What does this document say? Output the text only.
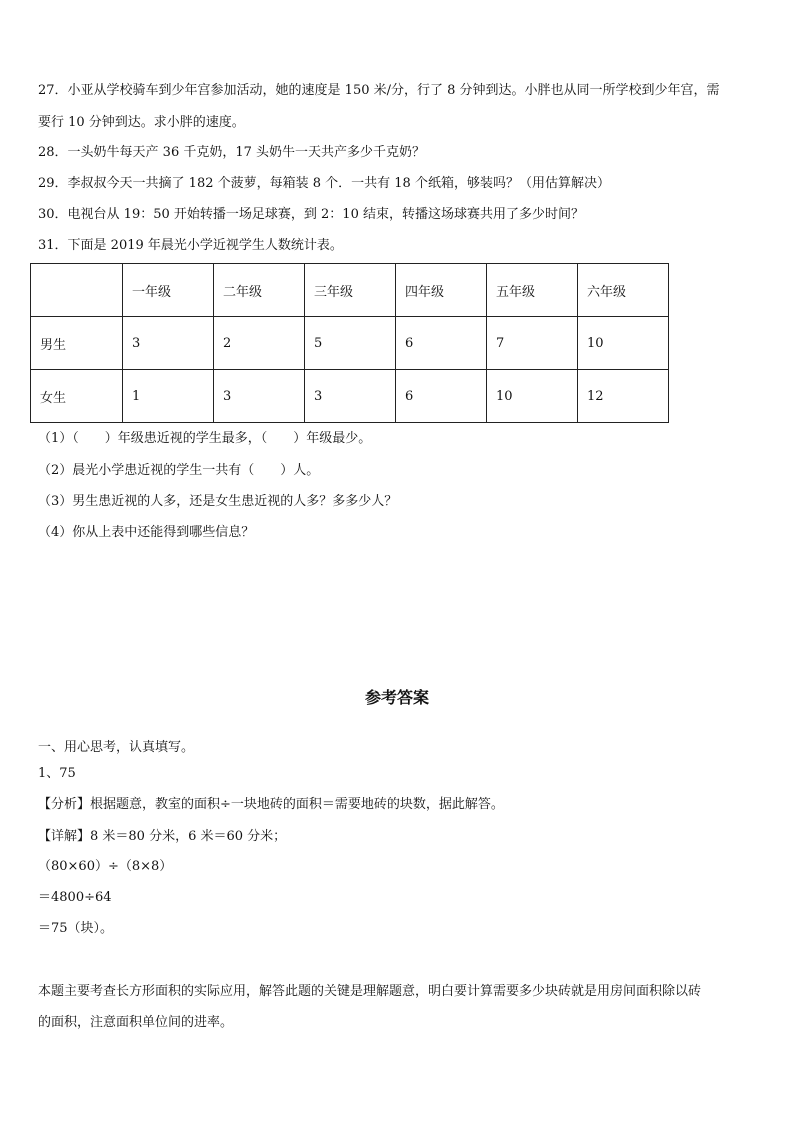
27．小亚从学校骑车到少年宫参加活动，她的速度是 150 米/分，行了 8 分钟到达。小胖也从同一所学校到少年宫，需
要行 10 分钟到达。求小胖的速度。
28．一头奶牛每天产 36 千克奶，17 头奶牛一天共产多少千克奶？
29．李叔叔今天一共摘了 182 个菠萝，每箱装 8 个．一共有 18 个纸箱，够装吗？（用估算解决）
30．电视台从 19：50 开始转播一场足球赛，到 2：10 结束，转播这场球赛共用了多少时间？
31．下面是 2019 年晨光小学近视学生人数统计表。
	一年级	二年级	三年级	四年级	五年级	六年级
男生	3	2	5	6	7	10
女生	1	3	3	6	10	12
（1）（　　）年级患近视的学生最多，（　　）年级最少。
（2）晨光小学患近视的学生一共有（　　）人。
（3）男生患近视的人多，还是女生患近视的人多？多多少人？
（4）你从上表中还能得到哪些信息？
参考答案
一、用心思考，认真填写。
1、75
【分析】根据题意，教室的面积÷一块地砖的面积＝需要地砖的块数，据此解答。
【详解】8 米＝80 分米，6 米＝60 分米；
（80×60）÷（8×8）
＝4800÷64
＝75（块）。
本题主要考查长方形面积的实际应用，解答此题的关键是理解题意，明白要计算需要多少块砖就是用房间面积除以砖
的面积，注意面积单位间的进率。
